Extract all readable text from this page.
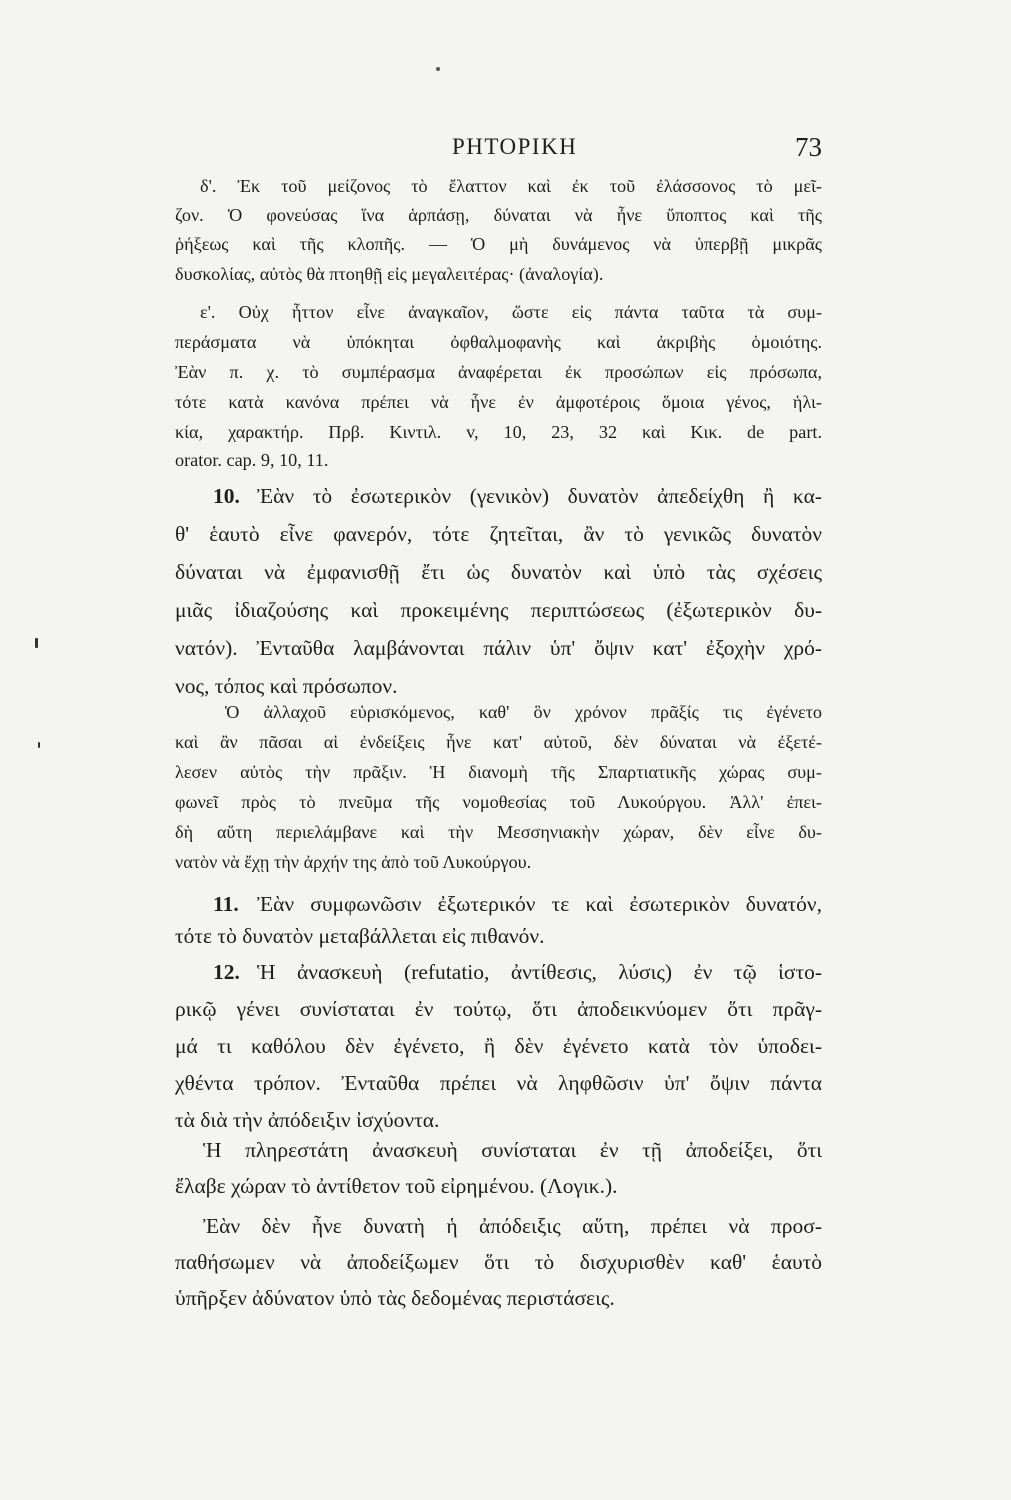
ΡΗΤΟΡΙΚΗ	73
δ'. Ἐκ τοῦ μείζονος τὸ ἔλαττον καὶ ἐκ τοῦ ἐλάσσονος τὸ μεῖ-
ζον. Ὁ φονεύσας ἵνα ἁρπάσῃ, δύναται νὰ ἦνε ὕποπτος καὶ τῆς
ῥήξεως καὶ τῆς κλοπῆς. — Ὁ μὴ δυνάμενος νὰ ὑπερβῇ μικρᾶς
δυσκολίας, αὐτὸς θὰ πτοηθῇ εἰς μεγαλειτέρας· (ἀναλογία).
ε'. Οὐχ ἧττον εἶνε ἀναγκαῖον, ὥστε εἰς πάντα ταῦτα τὰ συμ-
περάσματα νὰ ὑπόκηται ὀφθαλμοφανὴς καὶ ἀκριβὴς ὁμοιότης.
Ἐὰν π. χ. τὸ συμπέρασμα ἀναφέρεται ἐκ προσώπων εἰς πρόσωπα,
τότε κατὰ κανόνα πρέπει νὰ ἦνε ἐν ἀμφοτέροις ὅμοια γένος, ἡλι-
κία, χαρακτήρ. Πρβ. Κιντιλ. v, 10, 23, 32 καὶ Κικ. de part.
orator. cap. 9, 10, 11.
10. Ἐὰν τὸ ἐσωτερικὸν (γενικὸν) δυνατὸν ἀπεδείχθη ἢ κα-
θ' ἑαυτὸ εἶνε φανερόν, τότε ζητεῖται, ἂν τὸ γενικῶς δυνατὸν
δύναται νὰ ἐμφανισθῇ ἔτι ὡς δυνατὸν καὶ ὑπὸ τὰς σχέσεις
μιᾶς ἰδιαζούσης καὶ προκειμένης περιπτώσεως (ἐξωτερικὸν δυ-
νατόν). Ἐνταῦθα λαμβάνονται πάλιν ὑπ' ὄψιν κατ' ἐξοχὴν χρό-
νος, τόπος καὶ πρόσωπον.
Ὁ ἀλλαχοῦ εὑρισκόμενος, καθ' ὃν χρόνον πρᾶξίς τις ἐγένετο
καὶ ἂν πᾶσαι αἱ ἐνδείξεις ἦνε κατ' αὐτοῦ, δὲν δύναται νὰ ἐξετέ-
λεσεν αὐτὸς τὴν πρᾶξιν. Ἡ διανομὴ τῆς Σπαρτιατικῆς χώρας συμ-
φωνεῖ πρὸς τὸ πνεῦμα τῆς νομοθεσίας τοῦ Λυκούργου. Ἀλλ' ἐπει-
δὴ αὕτη περιελάμβανε καὶ τὴν Μεσσηνιακὴν χώραν, δὲν εἶνε δυ-
νατὸν νὰ ἔχῃ τὴν ἀρχήν της ἀπὸ τοῦ Λυκούργου.
11. Ἐὰν συμφωνῶσιν ἐξωτερικόν τε καὶ ἐσωτερικὸν δυνατόν,
τότε τὸ δυνατὸν μεταβάλλεται εἰς πιθανόν.
12. Ἡ ἀνασκευὴ (refutatio, ἀντίθεσις, λύσις) ἐν τῷ ἱστο-
ρικῷ γένει συνίσταται ἐν τούτῳ, ὅτι ἀποδεικνύομεν ὅτι πρᾶγ-
μά τι καθόλου δὲν ἐγένετο, ἢ δὲν ἐγένετο κατὰ τὸν ὑποδει-
χθέντα τρόπον. Ἐνταῦθα πρέπει νὰ ληφθῶσιν ὑπ' ὄψιν πάντα
τὰ διὰ τὴν ἀπόδειξιν ἰσχύοντα.
Ἡ πληρεστάτη ἀνασκευὴ συνίσταται ἐν τῇ ἀποδείξει, ὅτι
ἔλαβε χώραν τὸ ἀντίθετον τοῦ εἰρημένου. (Λογικ.).
Ἐὰν δὲν ἦνε δυνατὴ ἡ ἀπόδειξις αὕτη, πρέπει νὰ προσ-
παθήσωμεν νὰ ἀποδείξωμεν ὅτι τὸ δισχυρισθὲν καθ' ἑαυτὸ
ὑπῆρξεν ἀδύνατον ὑπὸ τὰς δεδομένας περιστάσεις.
